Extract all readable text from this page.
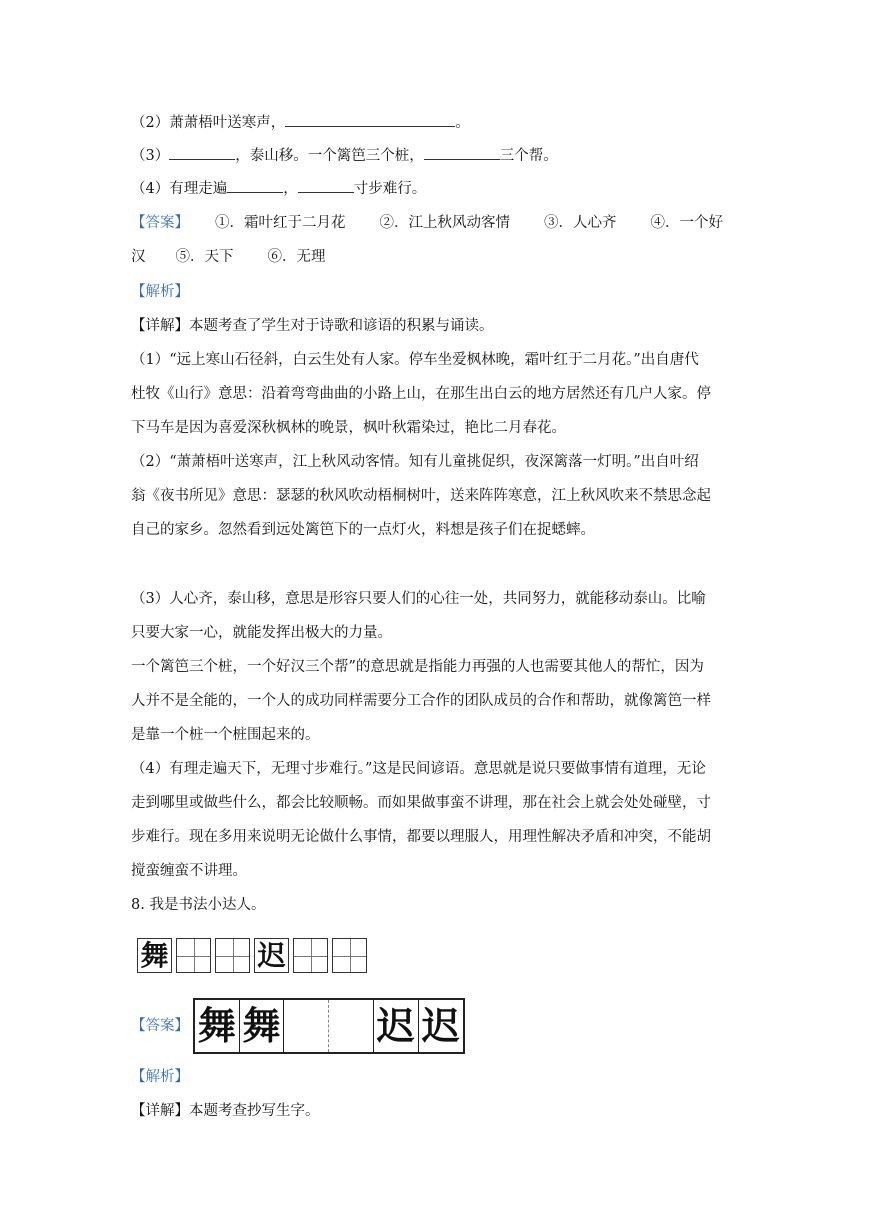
（2）萧萧梧叶送寒声，	。
（3）	，泰山移。一个篱笆三个桩，	三个帮。
（4）有理走遍	，	寸步难行。
【答案】 ①．霜叶红于二月花 ②．江上秋风动客情 ③．人心齐 ④．一个好
汉 ⑤．天下 ⑥．无理
【解析】
【详解】本题考查了学生对于诗歌和谚语的积累与诵读。
（1）“远上寒山石径斜，白云生处有人家。停车坐爱枫林晚，霜叶红于二月花。”出自唐代
杜牧《山行》意思：沿着弯弯曲曲的小路上山，在那生出白云的地方居然还有几户人家。停
下马车是因为喜爱深秋枫林的晚景，枫叶秋霜染过，艳比二月春花。
（2）“萧萧梧叶送寒声，江上秋风动客情。知有儿童挑促织，夜深篱落一灯明。”出自叶绍
翁《夜书所见》意思：瑟瑟的秋风吹动梧桐树叶，送来阵阵寒意，江上秋风吹来不禁思念起
自己的家乡。忽然看到远处篱笆下的一点灯火，料想是孩子们在捉蟋蟀。
（3）人心齐，泰山移，意思是形容只要人们的心往一处，共同努力，就能移动泰山。比喻
只要大家一心，就能发挥出极大的力量。
一个篱笆三个桩，一个好汉三个帮”的意思就是指能力再强的人也需要其他人的帮忙，因为
人并不是全能的，一个人的成功同样需要分工合作的团队成员的合作和帮助，就像篱笆一样
是靠一个桩一个桩围起来的。
（4）有理走遍天下，无理寸步难行。”这是民间谚语。意思就是说只要做事情有道理，无论
走到哪里或做些什么，都会比较顺畅。而如果做事蛮不讲理，那在社会上就会处处碰壁，寸
步难行。现在多用来说明无论做什么事情，都要以理服人，用理性解决矛盾和冲突，不能胡
搅蛮缠蛮不讲理。
8. 我是书法小达人。
舞	迟
【答案】 舞 舞	迟 迟
【解析】
【详解】本题考查抄写生字。
